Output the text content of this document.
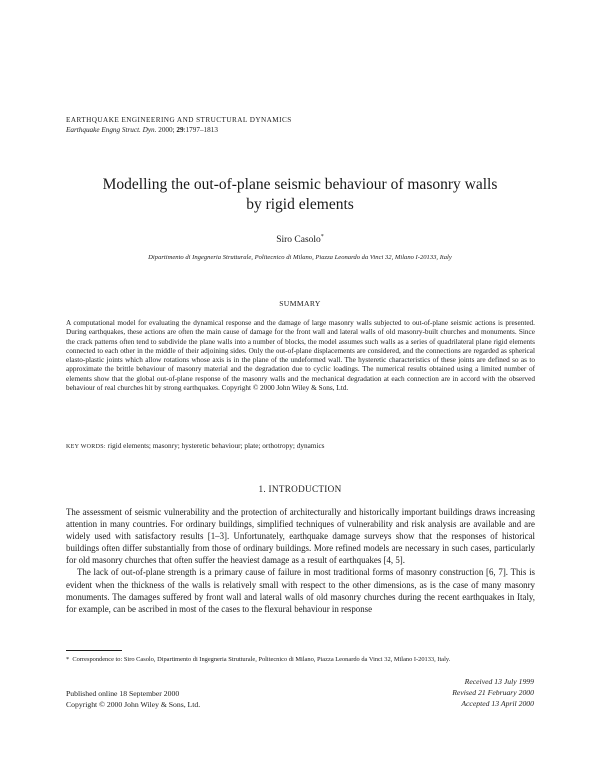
EARTHQUAKE ENGINEERING AND STRUCTURAL DYNAMICS
Earthquake Engng Struct. Dyn. 2000; 29:1797–1813
Modelling the out-of-plane seismic behaviour of masonry walls
by rigid elements
Siro Casolo*
Dipartimento di Ingegneria Strutturale, Politecnico di Milano, Piazza Leonardo da Vinci 32, Milano I-20133, Italy
SUMMARY

A computational model for evaluating the dynamical response and the damage of large masonry walls subjected to out-of-plane seismic actions is presented. During earthquakes, these actions are often the main cause of damage for the front wall and lateral walls of old masonry-built churches and monuments. Since the crack patterns often tend to subdivide the plane walls into a number of blocks, the model assumes such walls as a series of quadrilateral plane rigid elements connected to each other in the middle of their adjoining sides. Only the out-of-plane displacements are considered, and the connections are regarded as spherical elasto-plastic joints which allow rotations whose axis is in the plane of the undeformed wall. The hysteretic characteristics of these joints are defined so as to approximate the brittle behaviour of masonry material and the degradation due to cyclic loadings. The numerical results obtained using a limited number of elements show that the global out-of-plane response of the masonry walls and the mechanical degradation at each connection are in accord with the observed behaviour of real churches hit by strong earthquakes. Copyright © 2000 John Wiley & Sons, Ltd.

KEY WORDS: rigid elements; masonry; hysteretic behaviour; plate; orthotropy; dynamics
1. INTRODUCTION

The assessment of seismic vulnerability and the protection of architecturally and historically important buildings draws increasing attention in many countries. For ordinary buildings, simplified techniques of vulnerability and risk analysis are available and are widely used with satisfactory results [1–3]. Unfortunately, earthquake damage surveys show that the responses of historical buildings often differ substantially from those of ordinary buildings. More refined models are necessary in such cases, particularly for old masonry churches that often suffer the heaviest damage as a result of earthquakes [4, 5].

The lack of out-of-plane strength is a primary cause of failure in most traditional forms of masonry construction [6, 7]. This is evident when the thickness of the walls is relatively small with respect to the other dimensions, as is the case of many masonry monuments. The damages suffered by front wall and lateral walls of old masonry churches during the recent earthquakes in Italy, for example, can be ascribed in most of the cases to the flexural behaviour in response

* Correspondence to: Siro Casolo, Dipartimento di Ingegneria Strutturale, Politecnico di Milano, Piazza Leonardo da Vinci 32, Milano I-20133, Italy.

Published online 18 September 2000
Copyright © 2000 John Wiley & Sons, Ltd.
Received 13 July 1999
Revised 21 February 2000
Accepted 13 April 2000
